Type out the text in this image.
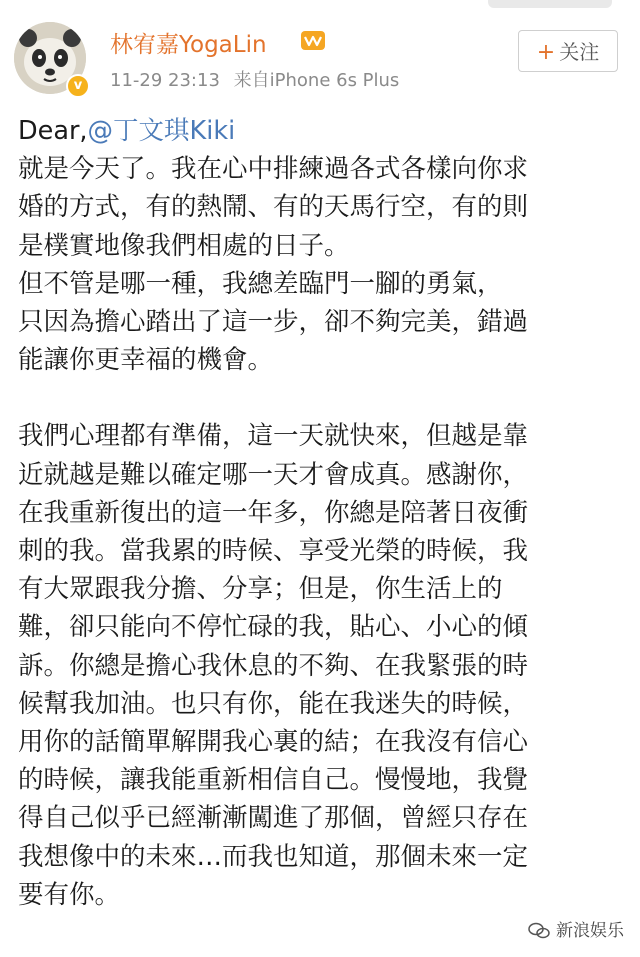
v
林宥嘉YogaLin
11-29 23:13 来自iPhone 6s Plus
+ 关注

Dear,@丁文琪Kiki

就是今天了。我在心中排練過各式各樣向你求

婚的方式，有的熱鬧、有的天馬行空，有的則

是樸實地像我們相處的日子。

但不管是哪一種，我總差臨門一腳的勇氣，

只因為擔心踏出了這一步，卻不夠完美，錯過

能讓你更幸福的機會。

我們心理都有準備，這一天就快來，但越是靠

近就越是難以確定哪一天才會成真。感謝你，

在我重新復出的這一年多，你總是陪著日夜衝

刺的我。當我累的時候、享受光榮的時候，我

有大眾跟我分擔、分享；但是，你生活上的

難，卻只能向不停忙碌的我，貼心、小心的傾

訴。你總是擔心我休息的不夠、在我緊張的時

候幫我加油。也只有你，能在我迷失的時候，

用你的話簡單解開我心裏的結；在我沒有信心

的時候，讓我能重新相信自己。慢慢地，我覺

得自己似乎已經漸漸闖進了那個，曾經只存在

我想像中的未來…而我也知道，那個未來一定

要有你。

新浪娱乐
